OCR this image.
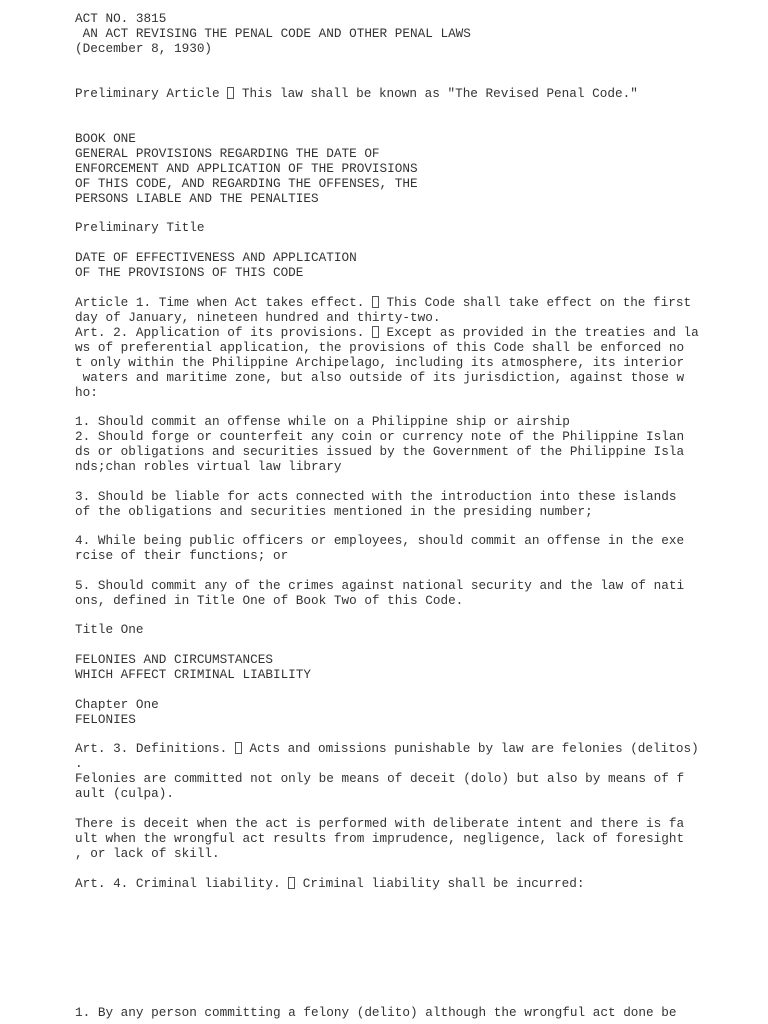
ACT NO. 3815

AN ACT REVISING THE PENAL CODE AND OTHER PENAL LAWS

(December 8, 1930)

Preliminary Article  This law shall be known as "The Revised Penal Code."

BOOK ONE

GENERAL PROVISIONS REGARDING THE DATE OF

ENFORCEMENT AND APPLICATION OF THE PROVISIONS

OF THIS CODE, AND REGARDING THE OFFENSES, THE

PERSONS LIABLE AND THE PENALTIES

Preliminary Title

DATE OF EFFECTIVENESS AND APPLICATION

OF THE PROVISIONS OF THIS CODE

Article 1. Time when Act takes effect.  This Code shall take effect on the first

day of January, nineteen hundred and thirty-two.

Art. 2. Application of its provisions.  Except as provided in the treaties and la

ws of preferential application, the provisions of this Code shall be enforced no

t only within the Philippine Archipelago, including its atmosphere, its interior

waters and maritime zone, but also outside of its jurisdiction, against those w

ho:

1. Should commit an offense while on a Philippine ship or airship

2. Should forge or counterfeit any coin or currency note of the Philippine Islan

ds or obligations and securities issued by the Government of the Philippine Isla

nds;chan robles virtual law library

3. Should be liable for acts connected with the introduction into these islands

of the obligations and securities mentioned in the presiding number;

4. While being public officers or employees, should commit an offense in the exe

rcise of their functions; or

5. Should commit any of the crimes against national security and the law of nati

ons, defined in Title One of Book Two of this Code.

Title One

FELONIES AND CIRCUMSTANCES

WHICH AFFECT CRIMINAL LIABILITY

Chapter One

FELONIES

Art. 3. Definitions.  Acts and omissions punishable by law are felonies (delitos)

.

Felonies are committed not only be means of deceit (dolo) but also by means of f

ault (culpa).

There is deceit when the act is performed with deliberate intent and there is fa

ult when the wrongful act results from imprudence, negligence, lack of foresight

, or lack of skill.

Art. 4. Criminal liability.  Criminal liability shall be incurred:

1. By any person committing a felony (delito) although the wrongful act done be
